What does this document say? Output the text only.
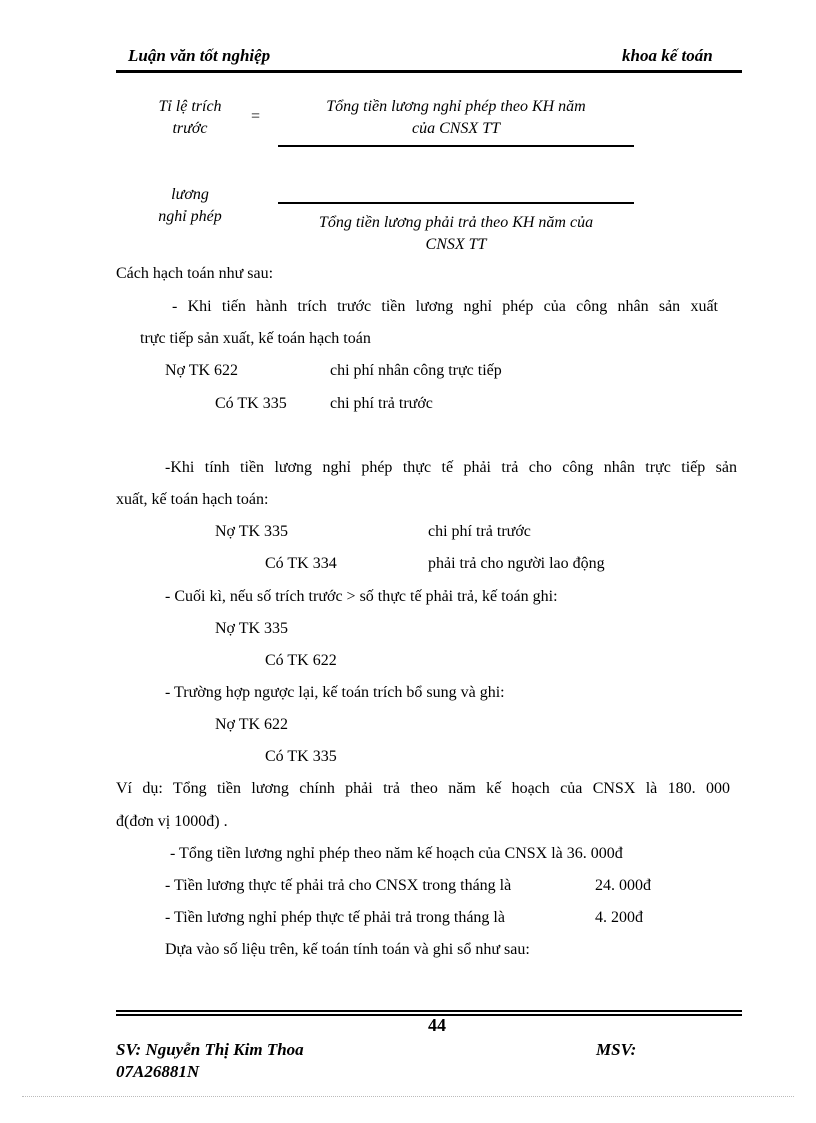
Luận văn tốt nghiệp	khoa kế toán
Tỉ lệ trích
trước
=
Tổng tiền lương nghỉ phép theo KH năm
của CNSX TT
lương
nghỉ phép	Tổng tiền lương phải trả theo KH năm của
CNSX TT
Cách hạch toán như sau:
- Khi tiến hành trích trước tiền lương nghỉ phép của công nhân sản xuất
trực tiếp sản xuất, kế toán hạch toán
Nợ TK 622	chi phí nhân công trực tiếp
Có TK 335	chi phí trả trước
-Khi tính tiền lương nghỉ phép thực tế phải trả cho công nhân trực tiếp sản
xuất, kế toán hạch toán:
Nợ TK 335	chi phí trả trước
Có TK 334	phải trả cho người lao động
- Cuối kì, nếu số trích trước > số thực tế phải trả, kế toán ghi:
Nợ TK 335
Có TK 622
- Trường hợp ngược lại, kế toán trích bổ sung và ghi:
Nợ TK 622
Có TK 335
Ví dụ: Tổng tiền lương chính phải trả theo năm kế hoạch của CNSX là 180. 000
đ(đơn vị 1000đ) .
- Tổng tiền lương nghỉ phép theo năm kế hoạch của CNSX là 36. 000đ
- Tiền lương thực tế phải trả cho CNSX trong tháng là	24. 000đ
- Tiền lương nghỉ phép thực tế phải trả trong tháng là	4. 200đ
Dựa vào số liệu trên, kế toán tính toán và ghi sổ như sau:
44
SV: Nguyễn Thị Kim Thoa	MSV:
07A26881N
